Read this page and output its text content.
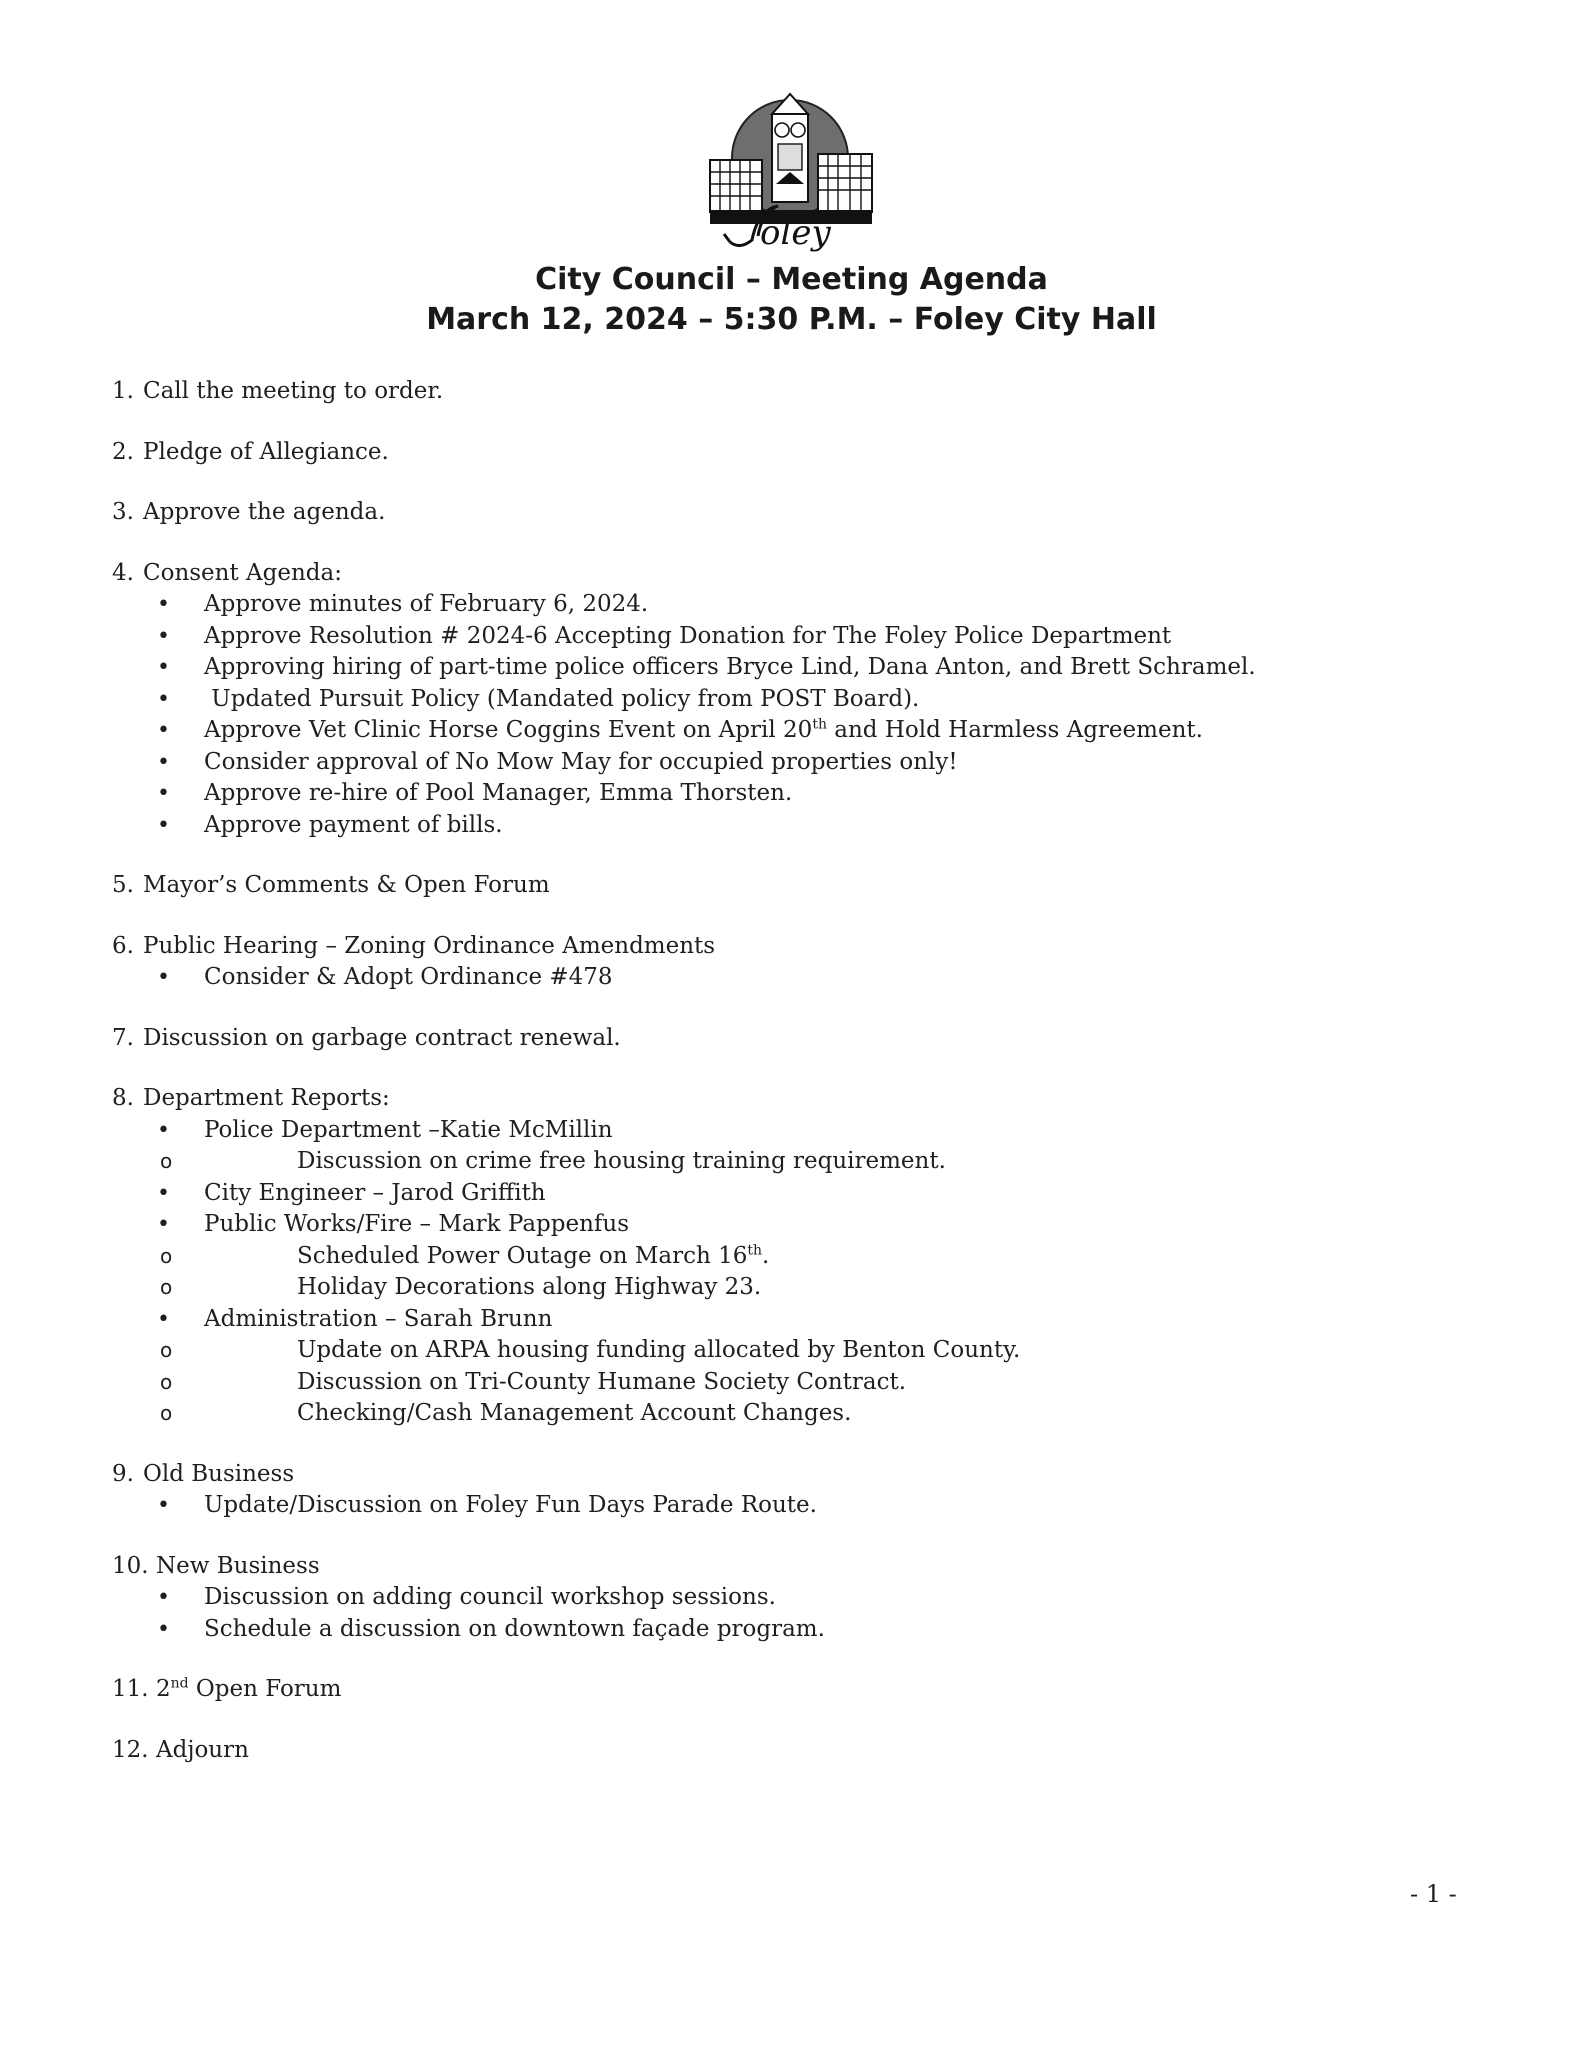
oley
City Council – Meeting Agenda
March 12, 2024 – 5:30 P.M. – Foley City Hall
1. Call the meeting to order.
2. Pledge of Allegiance.
3. Approve the agenda.
4. Consent Agenda:
• Approve minutes of February 6, 2024.
• Approve Resolution # 2024-6 Accepting Donation for The Foley Police Department
• Approving hiring of part-time police officers Bryce Lind, Dana Anton, and Brett Schramel.
•  Updated Pursuit Policy (Mandated policy from POST Board).
• Approve Vet Clinic Horse Coggins Event on April 20th and Hold Harmless Agreement.
• Consider approval of No Mow May for occupied properties only!
• Approve re-hire of Pool Manager, Emma Thorsten.
• Approve payment of bills.
5. Mayor’s Comments & Open Forum
6. Public Hearing – Zoning Ordinance Amendments
• Consider & Adopt Ordinance #478
7. Discussion on garbage contract renewal.
8. Department Reports:
• Police Department –Katie McMillin
o Discussion on crime free housing training requirement.
• City Engineer – Jarod Griffith
• Public Works/Fire – Mark Pappenfus
o Scheduled Power Outage on March 16th.
o Holiday Decorations along Highway 23.
• Administration – Sarah Brunn
o Update on ARPA housing funding allocated by Benton County.
o Discussion on Tri-County Humane Society Contract.
o Checking/Cash Management Account Changes.
9. Old Business
• Update/Discussion on Foley Fun Days Parade Route.
10. New Business
• Discussion on adding council workshop sessions.
• Schedule a discussion on downtown façade program.
11. 2nd Open Forum
12. Adjourn
- 1 -
